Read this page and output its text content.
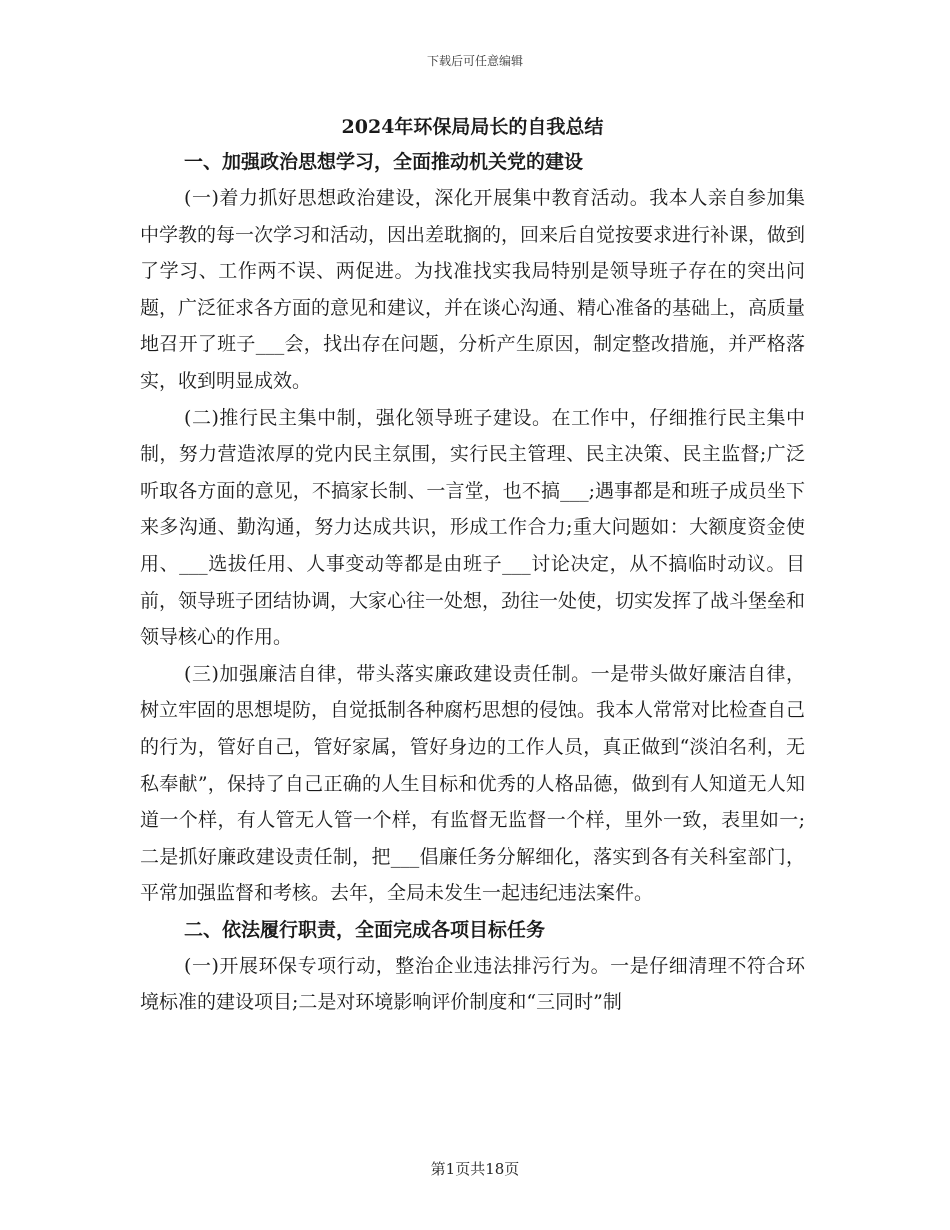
下载后可任意编辑

2024年环保局局长的自我总结

一、加强政治思想学习，全面推动机关党的建设

(一)着力抓好思想政治建设，深化开展集中教育活动。我本人亲自参加集中学教的每一次学习和活动，因出差耽搁的，回来后自觉按要求进行补课，做到了学习、工作两不误、两促进。为找准找实我局特别是领导班子存在的突出问题，广泛征求各方面的意见和建议，并在谈心沟通、精心准备的基础上，高质量地召开了班子___会，找出存在问题，分析产生原因，制定整改措施，并严格落实，收到明显成效。

(二)推行民主集中制，强化领导班子建设。在工作中，仔细推行民主集中制，努力营造浓厚的党内民主氛围，实行民主管理、民主决策、民主监督;广泛听取各方面的意见，不搞家长制、一言堂，也不搞___;遇事都是和班子成员坐下来多沟通、勤沟通，努力达成共识，形成工作合力;重大问题如：大额度资金使用、___选拔任用、人事变动等都是由班子___讨论决定，从不搞临时动议。目前，领导班子团结协调，大家心往一处想，劲往一处使，切实发挥了战斗堡垒和领导核心的作用。

(三)加强廉洁自律，带头落实廉政建设责任制。一是带头做好廉洁自律，树立牢固的思想堤防，自觉抵制各种腐朽思想的侵蚀。我本人常常对比检查自己的行为，管好自己，管好家属，管好身边的工作人员，真正做到“淡泊名利，无私奉献”，保持了自己正确的人生目标和优秀的人格品德，做到有人知道无人知道一个样，有人管无人管一个样，有监督无监督一个样，里外一致，表里如一;二是抓好廉政建设责任制，把___倡廉任务分解细化，落实到各有关科室部门，平常加强监督和考核。去年，全局未发生一起违纪违法案件。

二、依法履行职责，全面完成各项目标任务

(一)开展环保专项行动，整治企业违法排污行为。一是仔细清理不符合环境标准的建设项目;二是对环境影响评价制度和“三同时”制

第1页共18页
